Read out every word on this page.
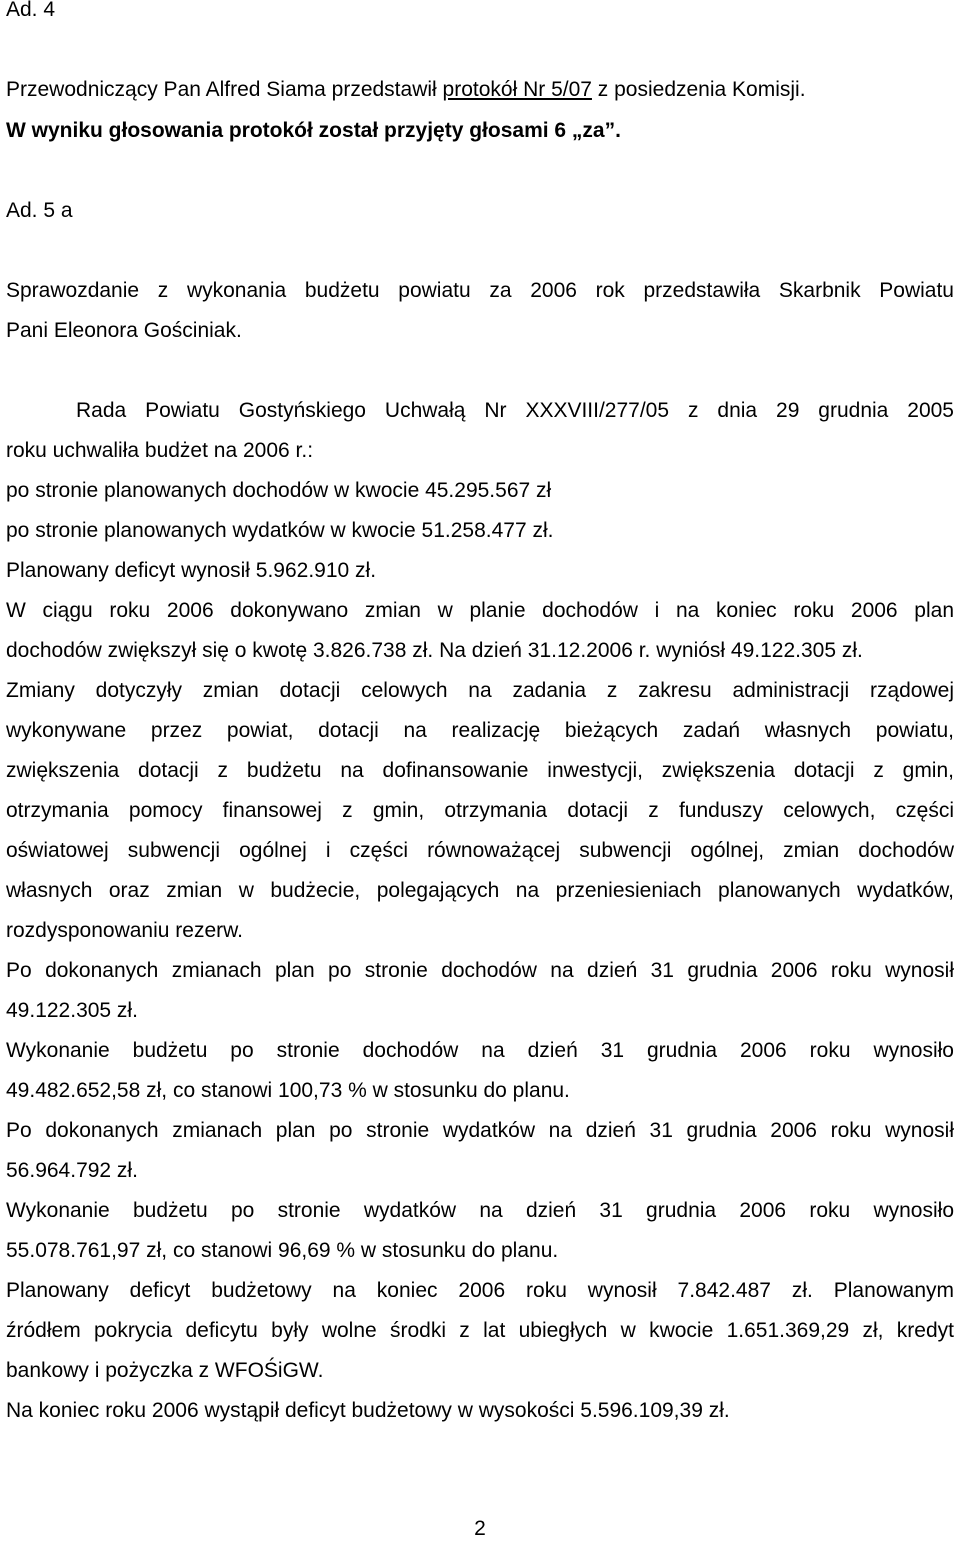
Ad. 4
Przewodniczący Pan Alfred Siama przedstawił protokół Nr 5/07 z posiedzenia Komisji.
W wyniku głosowania protokół został przyjęty głosami 6 „za”.
Ad. 5 a
Sprawozdanie z wykonania budżetu powiatu za 2006 rok przedstawiła Skarbnik Powiatu
Pani Eleonora Gościniak.
Rada Powiatu Gostyńskiego Uchwałą Nr XXXVIII/277/05 z dnia 29 grudnia 2005
roku uchwaliła budżet na 2006 r.:
po stronie planowanych dochodów w kwocie 45.295.567 zł
po stronie planowanych wydatków w kwocie 51.258.477 zł.
Planowany deficyt wynosił 5.962.910 zł.
W ciągu roku 2006 dokonywano zmian w planie dochodów i na koniec roku 2006 plan
dochodów zwiększył się o kwotę 3.826.738 zł. Na dzień 31.12.2006 r. wyniósł 49.122.305 zł.
Zmiany dotyczyły zmian dotacji celowych na zadania z zakresu administracji rządowej
wykonywane przez powiat, dotacji na realizację bieżących zadań własnych powiatu,
zwiększenia dotacji z budżetu na dofinansowanie inwestycji, zwiększenia dotacji z gmin,
otrzymania pomocy finansowej z gmin, otrzymania dotacji z funduszy celowych, części
oświatowej subwencji ogólnej i części równoważącej subwencji ogólnej, zmian dochodów
własnych oraz zmian w budżecie, polegających na przeniesieniach planowanych wydatków,
rozdysponowaniu rezerw.
Po dokonanych zmianach plan po stronie dochodów na dzień 31 grudnia 2006 roku wynosił
49.122.305 zł.
Wykonanie budżetu po stronie dochodów na dzień 31 grudnia 2006 roku wynosiło
49.482.652,58 zł, co stanowi 100,73 % w stosunku do planu.
Po dokonanych zmianach plan po stronie wydatków na dzień 31 grudnia 2006 roku wynosił
56.964.792 zł.
Wykonanie budżetu po stronie wydatków na dzień 31 grudnia 2006 roku wynosiło
55.078.761,97 zł, co stanowi 96,69 % w stosunku do planu.
Planowany deficyt budżetowy na koniec 2006 roku wynosił 7.842.487 zł. Planowanym
źródłem pokrycia deficytu były wolne środki z lat ubiegłych w kwocie 1.651.369,29 zł, kredyt
bankowy i pożyczka z WFOŚiGW.
Na koniec roku 2006 wystąpił deficyt budżetowy w wysokości 5.596.109,39 zł.
2
